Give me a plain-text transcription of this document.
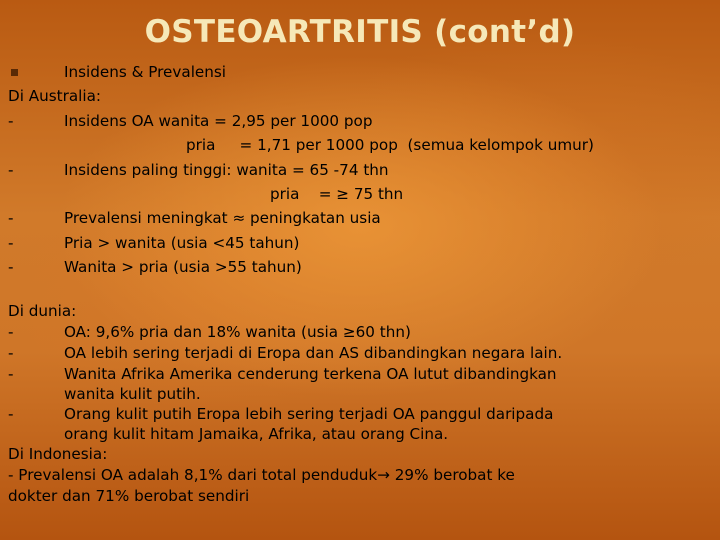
OSTEOARTRITIS (cont’d)
Insidens & Prevalensi
Di Australia:
-	Insidens OA wanita = 2,95 per 1000 pop
pria     = 1,71 per 1000 pop  (semua kelompok umur)
-	Insidens paling tinggi: wanita = 65 -74 thn
pria    = ≥ 75 thn
-	Prevalensi meningkat ≈ peningkatan usia
-	Pria > wanita (usia <45 tahun)
-	Wanita > pria (usia >55 tahun)
Di dunia:
-	OA: 9,6% pria dan 18% wanita (usia ≥60 thn)
-	OA lebih sering terjadi di Eropa dan AS dibandingkan negara lain.
-	Wanita Afrika Amerika cenderung terkena OA lutut dibandingkan
wanita kulit putih.
-	Orang kulit putih Eropa lebih sering terjadi OA panggul daripada
orang kulit hitam Jamaika, Afrika, atau orang Cina.
Di Indonesia:
- Prevalensi OA adalah 8,1% dari total penduduk→ 29% berobat ke
dokter dan 71% berobat sendiri
